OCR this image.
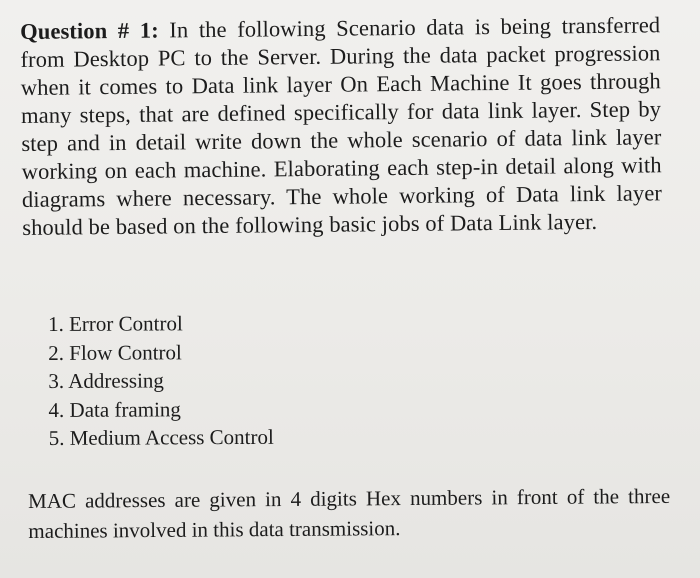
Question # 1: In the following Scenario data is being transferred from Desktop PC to the Server. During the data packet progression when it comes to Data link layer On Each Machine It goes through many steps, that are defined specifically for data link layer. Step by step and in detail write down the whole scenario of data link layer working on each machine. Elaborating each step-in detail along with diagrams where necessary. The whole working of Data link layer should be based on the following basic jobs of Data Link layer.

1. Error Control
2. Flow Control
3. Addressing
4. Data framing
5. Medium Access Control

MAC addresses are given in 4 digits Hex numbers in front of the three machines involved in this data transmission.
